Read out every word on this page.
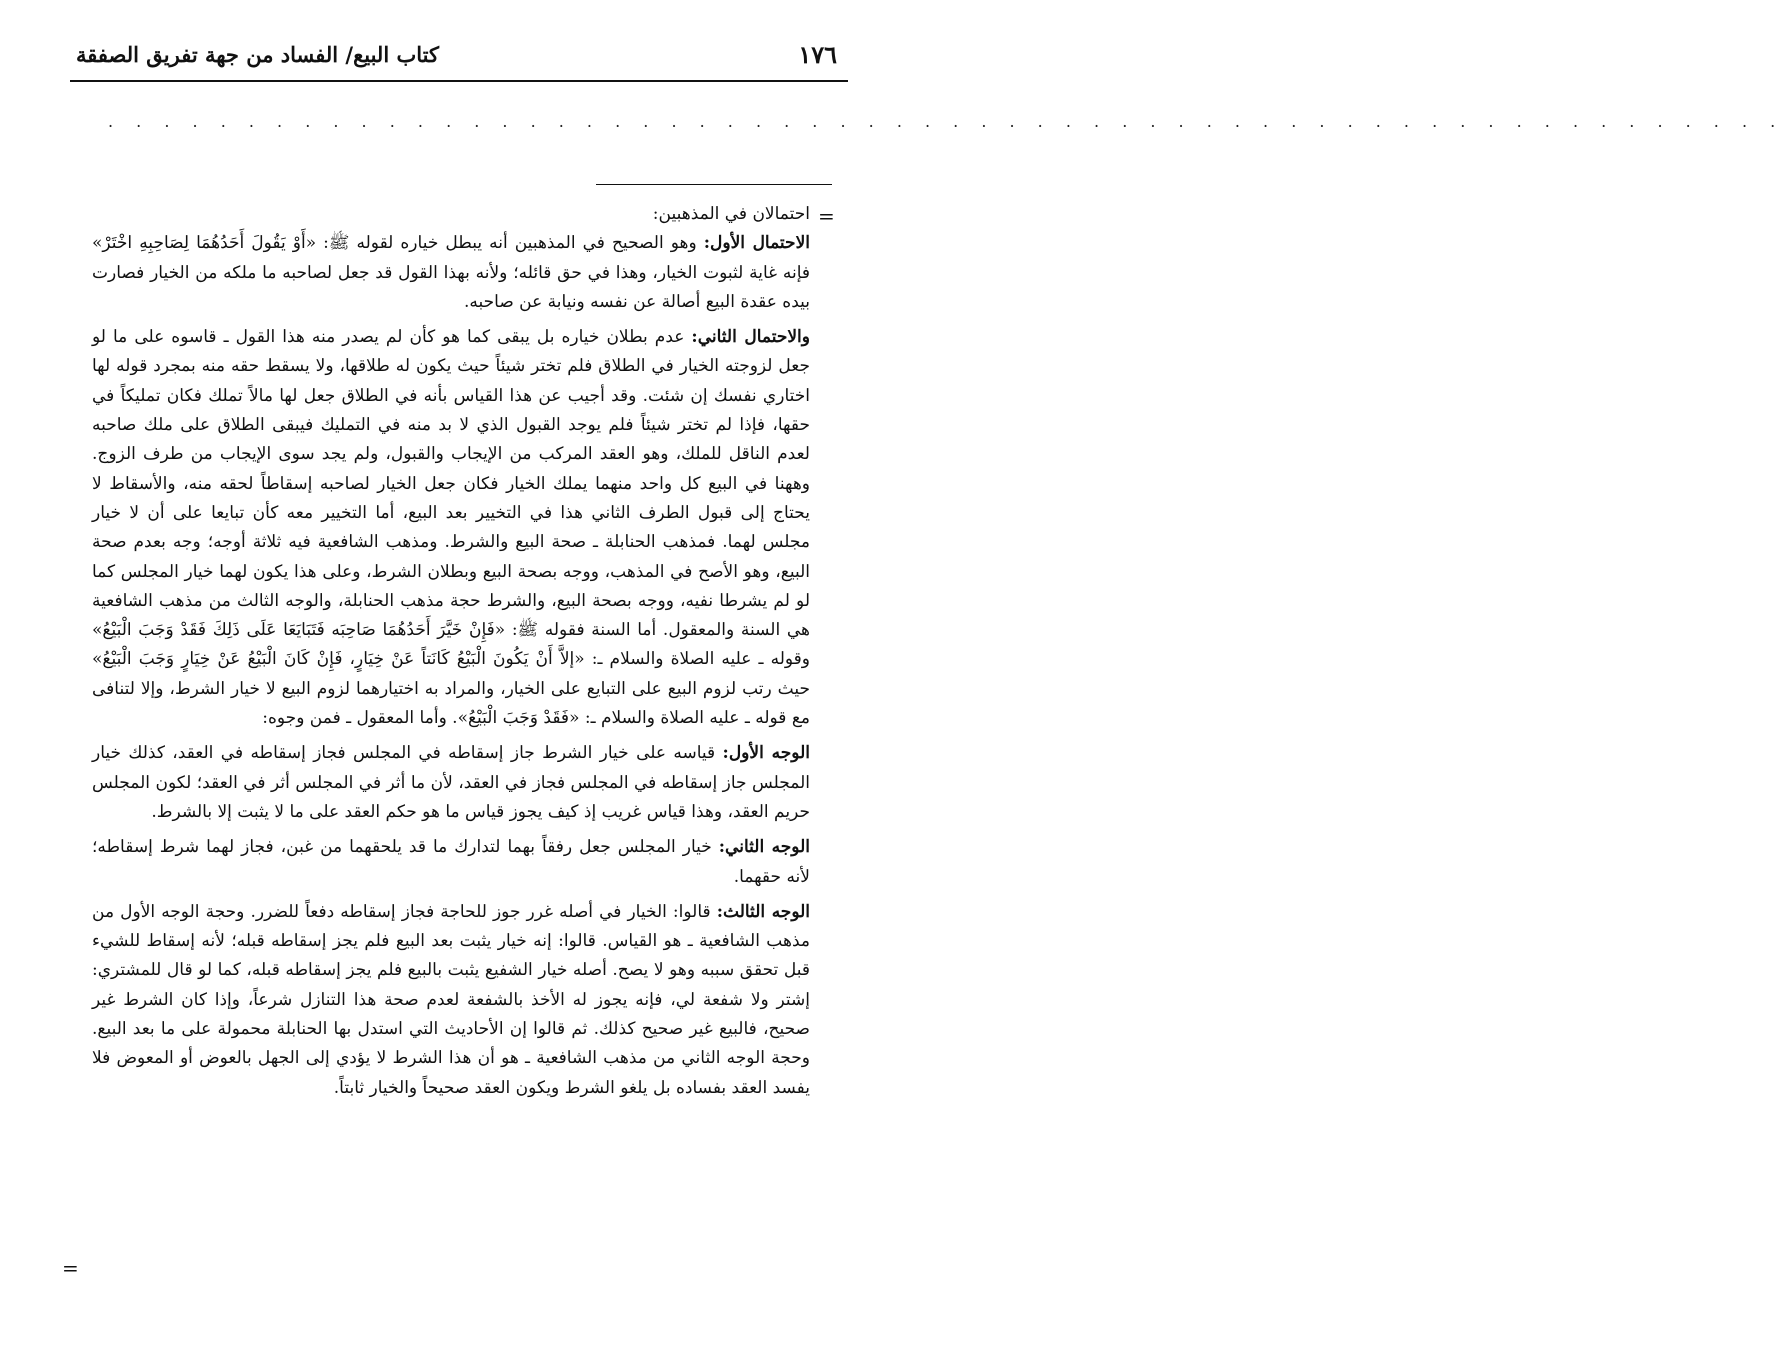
١٧٦
كتاب البيع/ الفساد من جهة تفريق الصفقة
. . . . . . . . . . . . . . . . . . . . . . . . . . . . . . . . . . . . . . . . . . . . . . . . . . . . . . . . . . . .
=

احتمالان في المذهبين:

الاحتمال الأول: وهو الصحيح في المذهبين أنه يبطل خياره لقوله ﷺ: «أَوْ يَقُولَ أَحَدُهُمَا لِصَاحِبِهِ اخْتَرْ» فإنه غاية لثبوت الخيار، وهذا في حق قائله؛ ولأنه بهذا القول قد جعل لصاحبه ما ملكه من الخيار فصارت بيده عقدة البيع أصالة عن نفسه ونيابة عن صاحبه.

والاحتمال الثاني: عدم بطلان خياره بل يبقى كما هو كأن لم يصدر منه هذا القول ـ قاسوه على ما لو جعل لزوجته الخيار في الطلاق فلم تختر شيئاً حيث يكون له طلاقها، ولا يسقط حقه منه بمجرد قوله لها اختاري نفسك إن شئت. وقد أجيب عن هذا القياس بأنه في الطلاق جعل لها مالاً تملك فكان تمليكاً في حقها، فإذا لم تختر شيئاً فلم يوجد القبول الذي لا بد منه في التمليك فيبقى الطلاق على ملك صاحبه لعدم الناقل للملك، وهو العقد المركب من الإيجاب والقبول، ولم يجد سوى الإيجاب من طرف الزوج. وههنا في البيع كل واحد منهما يملك الخيار فكان جعل الخيار لصاحبه إسقاطاً لحقه منه، والأسقاط لا يحتاج إلى قبول الطرف الثاني هذا في التخيير بعد البيع، أما التخيير معه كأن تبايعا على أن لا خيار مجلس لهما. فمذهب الحنابلة ـ صحة البيع والشرط. ومذهب الشافعية فيه ثلاثة أوجه؛ وجه بعدم صحة البيع، وهو الأصح في المذهب، ووجه بصحة البيع وبطلان الشرط، وعلى هذا يكون لهما خيار المجلس كما لو لم يشرطا نفيه، ووجه بصحة البيع، والشرط حجة مذهب الحنابلة، والوجه الثالث من مذهب الشافعية هي السنة والمعقول. أما السنة فقوله ﷺ: «فَإِنْ خَيَّرَ أَحَدُهُمَا صَاحِبَه فَتَبَايَعَا عَلَى ذَلِكَ فَقَدْ وَجَبَ الْبَيْعُ» وقوله ـ عليه الصلاة والسلام ـ: «إلاَّ أَنْ يَكُونَ الْبَيْعُ كَانَتاً عَنْ خِيَارٍ، فَإِنْ كَانَ الْبَيْعُ عَنْ خِيَارٍ وَجَبَ الْبَيْعُ» حيث رتب لزوم البيع على التبايع على الخيار، والمراد به اختيارهما لزوم البيع لا خيار الشرط، وإلا لتنافى مع قوله ـ عليه الصلاة والسلام ـ: «فَقَدْ وَجَبَ الْبَيْعُ». وأما المعقول ـ فمن وجوه:

الوجه الأول: قياسه على خيار الشرط جاز إسقاطه في المجلس فجاز إسقاطه في العقد، كذلك خيار المجلس جاز إسقاطه في المجلس فجاز في العقد، لأن ما أثر في المجلس أثر في العقد؛ لكون المجلس حريم العقد، وهذا قياس غريب إذ كيف يجوز قياس ما هو حكم العقد على ما لا يثبت إلا بالشرط.

الوجه الثاني: خيار المجلس جعل رفقاً بهما لتدارك ما قد يلحقهما من غبن، فجاز لهما شرط إسقاطه؛ لأنه حقهما.

الوجه الثالث: قالوا: الخيار في أصله غرر جوز للحاجة فجاز إسقاطه دفعاً للضرر. وحجة الوجه الأول من مذهب الشافعية ـ هو القياس. قالوا: إنه خيار يثبت بعد البيع فلم يجز إسقاطه قبله؛ لأنه إسقاط للشيء قبل تحقق سببه وهو لا يصح. أصله خيار الشفيع يثبت بالبيع فلم يجز إسقاطه قبله، كما لو قال للمشتري: إشتر ولا شفعة لي، فإنه يجوز له الأخذ بالشفعة لعدم صحة هذا التنازل شرعاً، وإذا كان الشرط غير صحيح، فالبيع غير صحيح كذلك. ثم قالوا إن الأحاديث التي استدل بها الحنابلة محمولة على ما بعد البيع. وحجة الوجه الثاني من مذهب الشافعية ـ هو أن هذا الشرط لا يؤدي إلى الجهل بالعوض أو المعوض فلا يفسد العقد بفساده بل يلغو الشرط ويكون العقد صحيحاً والخيار ثابتاً.

=
